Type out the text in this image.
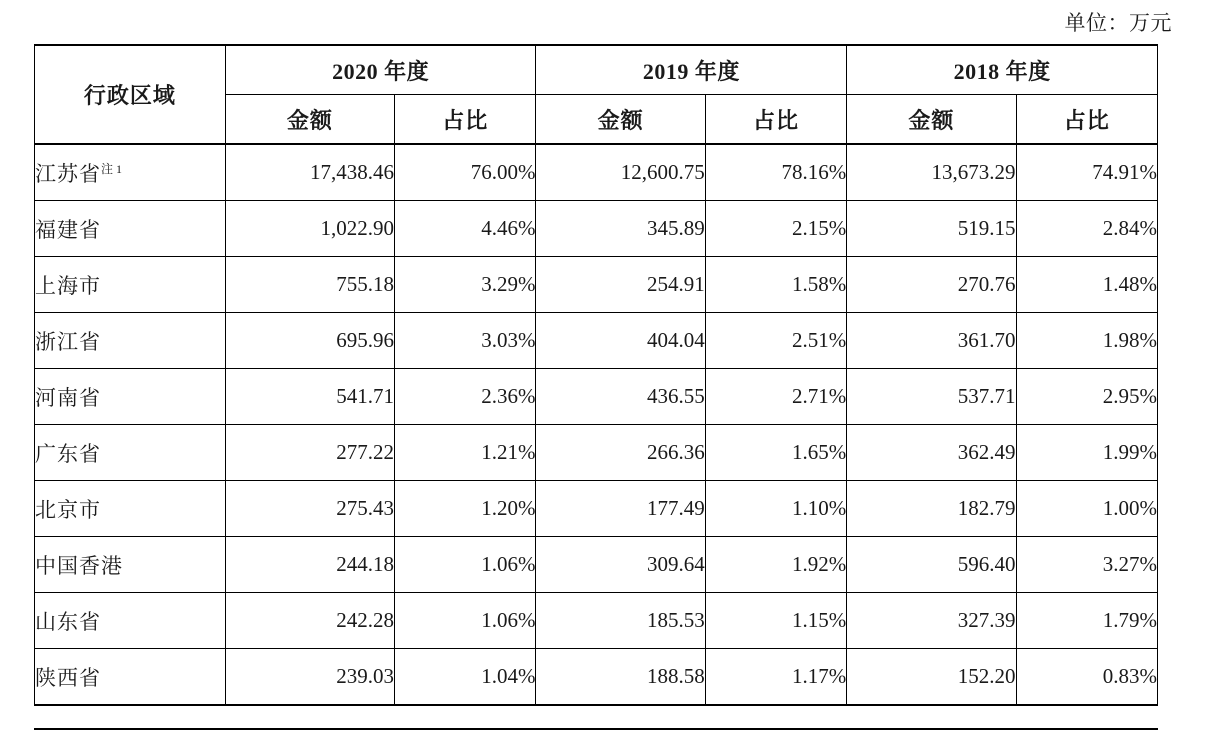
单位：万元
行政区域	2020 年度		2019 年度		2018 年度	
	金额	占比	金额	占比	金额	占比
江苏省$^{注 1}$	17,438.46	76.00%	12,600.75	78.16%	13,673.29	74.91%
福建省	1,022.90	4.46%	345.89	2.15%	519.15	2.84%
上海市	755.18	3.29%	254.91	1.58%	270.76	1.48%
浙江省	695.96	3.03%	404.04	2.51%	361.70	1.98%
河南省	541.71	2.36%	436.55	2.71%	537.71	2.95%
广东省	277.22	1.21%	266.36	1.65%	362.49	1.99%
北京市	275.43	1.20%	177.49	1.10%	182.79	1.00%
中国香港	244.18	1.06%	309.64	1.92%	596.40	3.27%
山东省	242.28	1.06%	185.53	1.15%	327.39	1.79%
陕西省	239.03	1.04%	188.58	1.17%	152.20	0.83%
